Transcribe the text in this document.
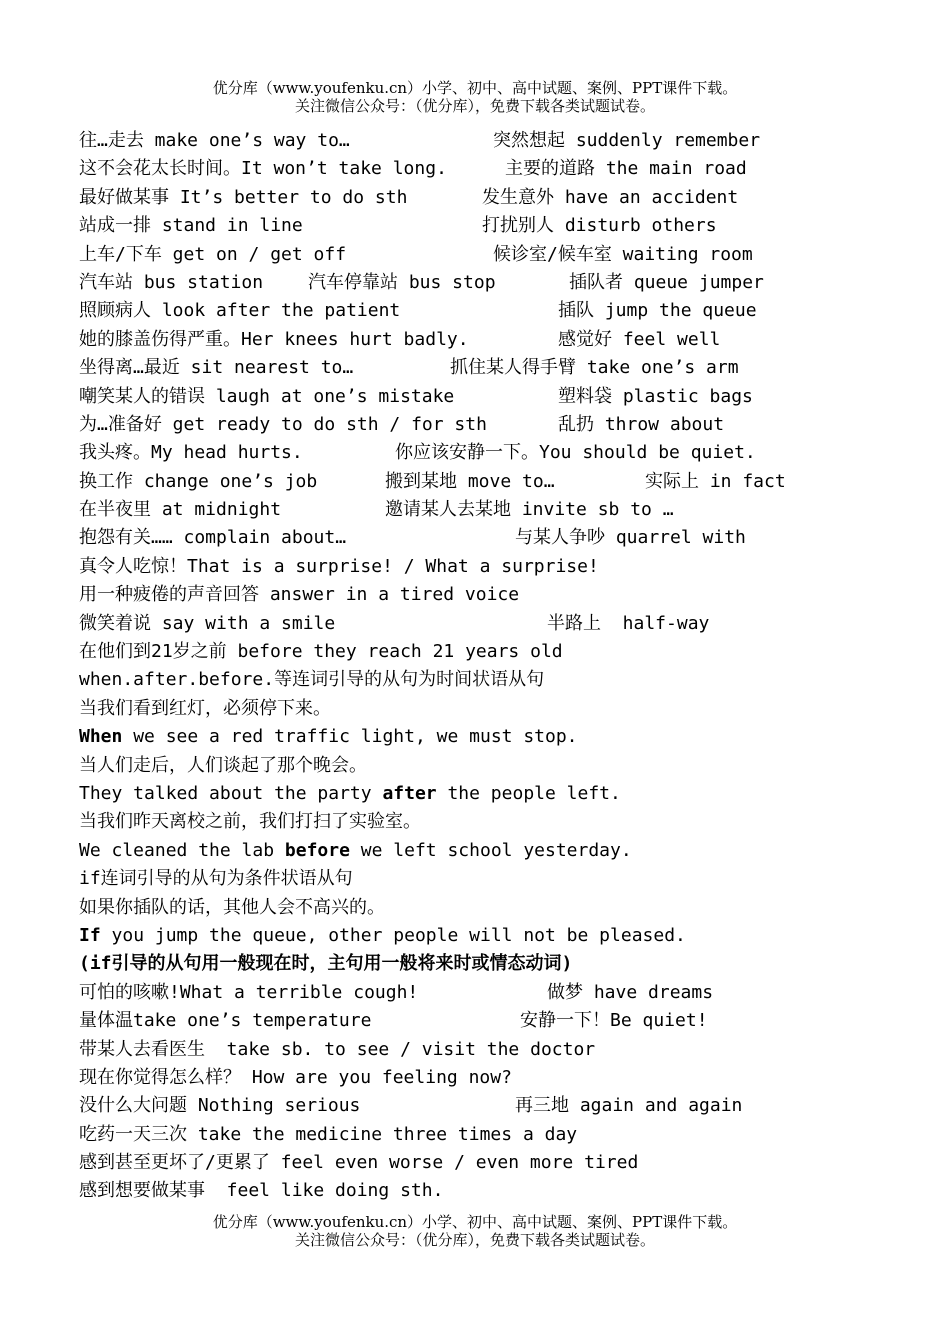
优分库（www.youfenku.cn）小学、初中、高中试题、案例、PPT课件下载。
关注微信公众号：（优分库），免费下载各类试题试卷。
往…走去 make one’s way to…	突然想起 suddenly remember
这不会花太长时间。It won’t take long.	主要的道路 the main road
最好做某事 It’s better to do sth	发生意外 have an accident
站成一排 stand in line	打扰别人 disturb others
上车/下车 get on / get off	候诊室/候车室 waiting room
汽车站 bus station 汽车停靠站 bus stop	插队者 queue jumper
照顾病人 look after the patient	插队 jump the queue
她的膝盖伤得严重。Her knees hurt badly.	感觉好 feel well
坐得离…最近 sit nearest to…	抓住某人得手臂 take one’s arm
嘲笑某人的错误 laugh at one’s mistake	塑料袋 plastic bags
为…准备好 get ready to do sth / for sth	乱扔 throw about
我头疼。My head hurts.	你应该安静一下。You should be quiet.
换工作 change one’s job	搬到某地 move to…	实际上 in fact
在半夜里 at midnight	邀请某人去某地 invite sb to …
抱怨有关…… complain about…	与某人争吵 quarrel with
真令人吃惊！That is a surprise! / What a surprise!
用一种疲倦的声音回答 answer in a tired voice
微笑着说 say with a smile	半路上  half-way
在他们到21岁之前 before they reach 21 years old
when.after.before.等连词引导的从句为时间状语从句
当我们看到红灯，必须停下来。
When we see a red traffic light, we must stop.
当人们走后，人们谈起了那个晚会。
They talked about the party after the people left.
当我们昨天离校之前，我们打扫了实验室。
We cleaned the lab before we left school yesterday.
if连词引导的从句为条件状语从句
如果你插队的话，其他人会不高兴的。
If you jump the queue, other people will not be pleased.
(if引导的从句用一般现在时，主句用一般将来时或情态动词)
可怕的咳嗽!What a terrible cough!	做梦 have dreams
量体温take one’s temperature	安静一下！Be quiet!
带某人去看医生  take sb. to see / visit the doctor
现在你觉得怎么样？ How are you feeling now?
没什么大问题 Nothing serious	再三地 again and again
吃药一天三次 take the medicine three times a day
感到甚至更坏了/更累了 feel even worse / even more tired
感到想要做某事  feel like doing sth.
优分库（www.youfenku.cn）小学、初中、高中试题、案例、PPT课件下载。
关注微信公众号：（优分库），免费下载各类试题试卷。
